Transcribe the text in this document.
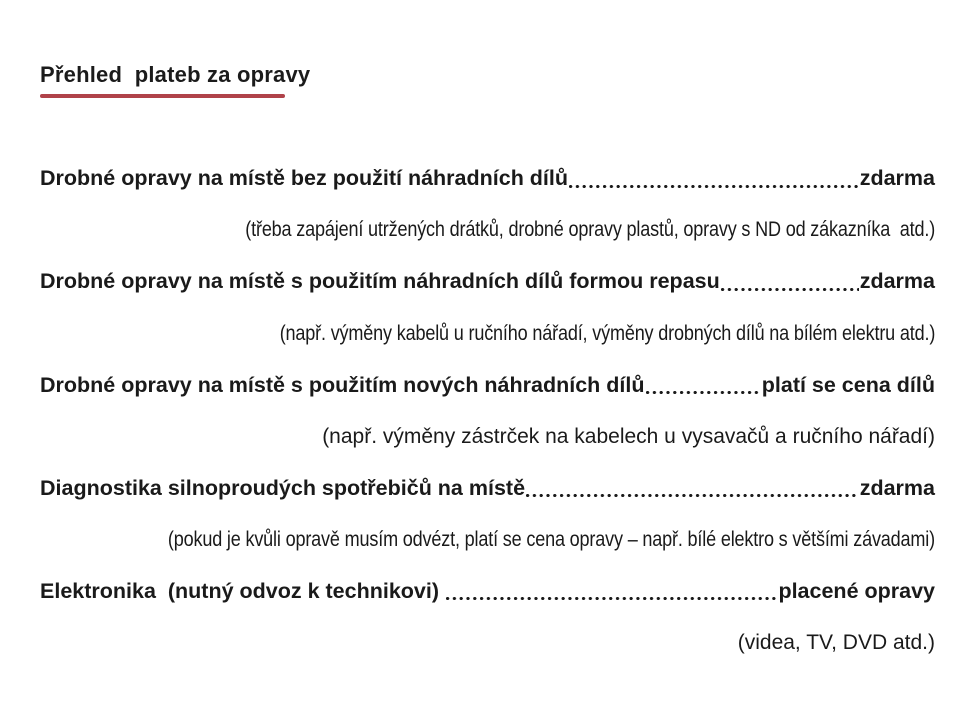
Přehled  plateb za opravy
Drobné opravy na místě bez použití náhradních dílů	zdarma
(třeba zapájení utržených drátků, drobné opravy plastů, opravy s ND od zákazníka  atd.)
Drobné opravy na místě s použitím náhradních dílů formou repasu	zdarma
(např. výměny kabelů u ručního nářadí, výměny drobných dílů na bílém elektru atd.)
Drobné opravy na místě s použitím nových náhradních dílů	platí se cena dílů
(např. výměny zástrček na kabelech u vysavačů a ručního nářadí)
Diagnostika silnoproudých spotřebičů na místě	zdarma
(pokud je kvůli opravě musím odvézt, platí se cena opravy – např. bílé elektro s většími závadami)
Elektronika  (nutný odvoz k technikovi)	placené opravy
(videa, TV, DVD atd.)
